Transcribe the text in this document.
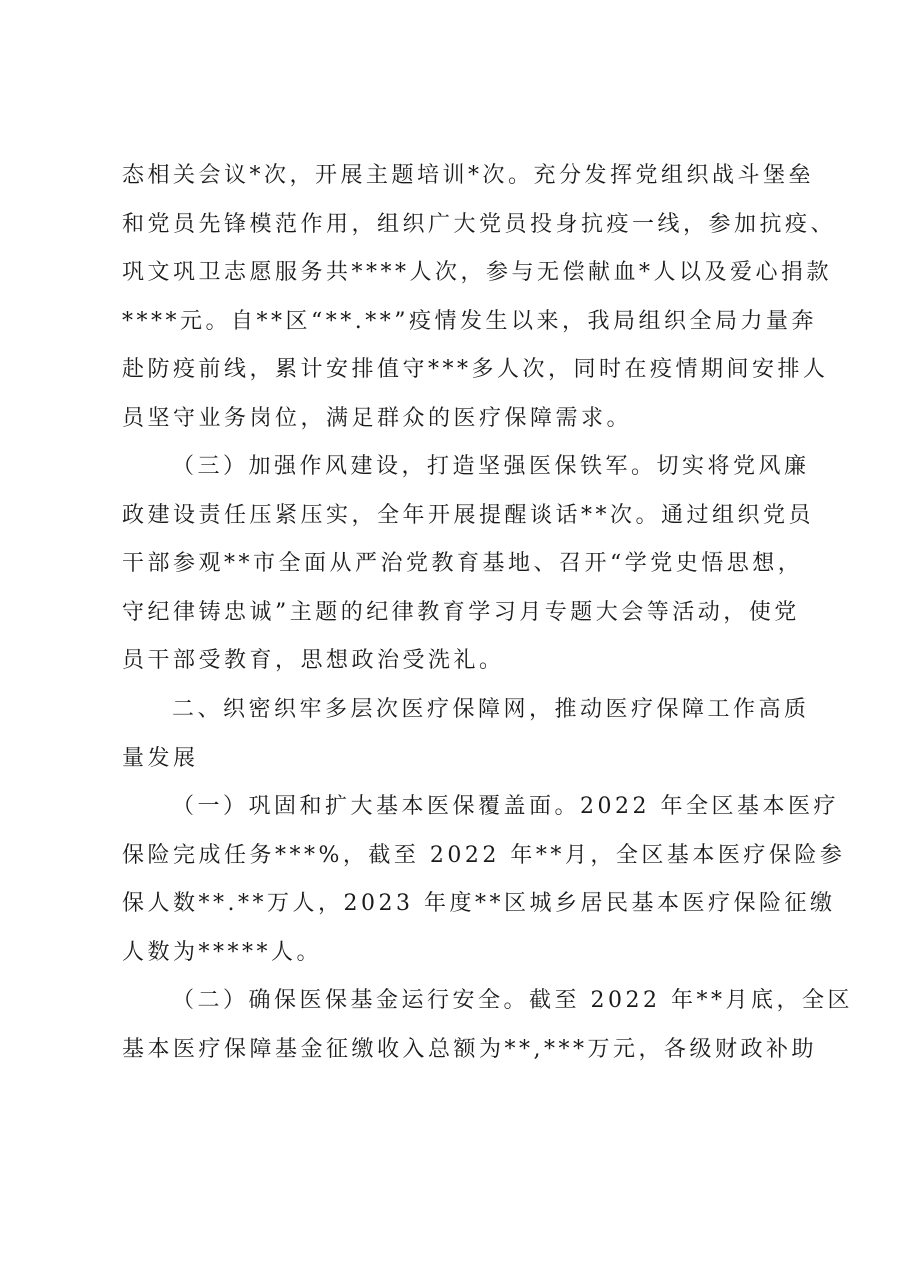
态相关会议*次，开展主题培训*次。充分发挥党组织战斗堡垒
和党员先锋模范作用，组织广大党员投身抗疫一线，参加抗疫、
巩文巩卫志愿服务共****人次，参与无偿献血*人以及爱心捐款
****元。自**区“**.**”疫情发生以来，我局组织全局力量奔
赴防疫前线，累计安排值守***多人次，同时在疫情期间安排人
员坚守业务岗位，满足群众的医疗保障需求。
（三）加强作风建设，打造坚强医保铁军。切实将党风廉
政建设责任压紧压实，全年开展提醒谈话**次。通过组织党员
干部参观**市全面从严治党教育基地、召开“学党史悟思想，
守纪律铸忠诚”主题的纪律教育学习月专题大会等活动，使党
员干部受教育，思想政治受洗礼。
二、织密织牢多层次医疗保障网，推动医疗保障工作高质
量发展
（一）巩固和扩大基本医保覆盖面。2022 年全区基本医疗
保险完成任务***%，截至 2022 年**月，全区基本医疗保险参
保人数**.**万人，2023 年度**区城乡居民基本医疗保险征缴
人数为*****人。
（二）确保医保基金运行安全。截至 2022 年**月底，全区
基本医疗保障基金征缴收入总额为**,***万元，各级财政补助
